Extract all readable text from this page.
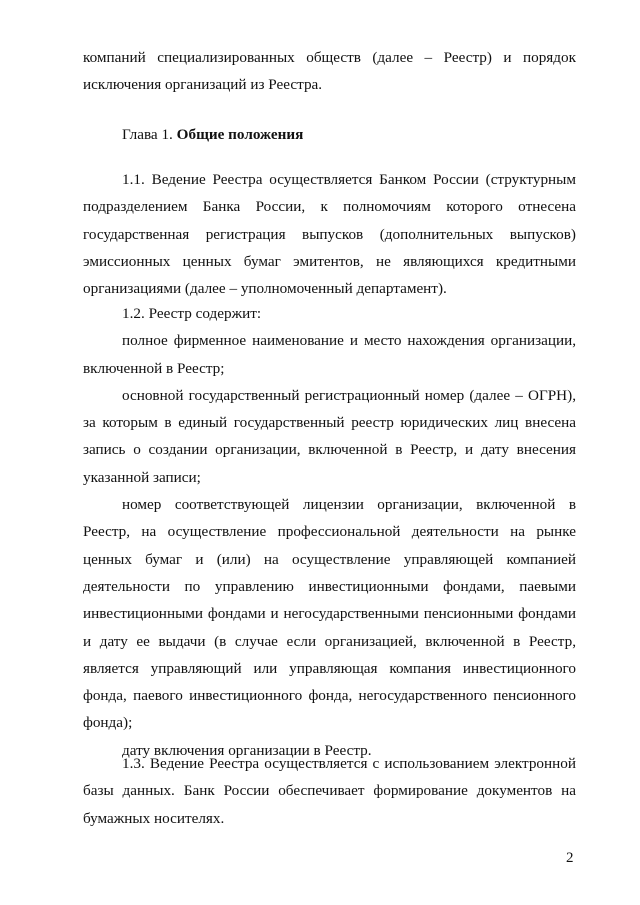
компаний специализированных обществ (далее – Реестр) и порядок
исключения организаций из Реестра.
Глава 1. Общие положения
1.1. Ведение Реестра осуществляется Банком России (структурным
подразделением Банка России, к полномочиям которого отнесена
государственная регистрация выпусков (дополнительных выпусков)
эмиссионных ценных бумаг эмитентов, не являющихся кредитными
организациями (далее – уполномоченный департамент).
1.2. Реестр содержит:
полное фирменное наименование и место нахождения организации,
включенной в Реестр;
основной государственный регистрационный номер (далее – ОГРН),
за которым в единый государственный реестр юридических лиц внесена
запись о создании организации, включенной в Реестр, и дату внесения
указанной записи;
номер соответствующей лицензии организации, включенной в
Реестр, на осуществление профессиональной деятельности на рынке
ценных бумаг и (или) на осуществление управляющей компанией
деятельности по управлению инвестиционными фондами, паевыми
инвестиционными фондами и негосударственными пенсионными фондами
и дату ее выдачи (в случае если организацией, включенной в Реестр,
является управляющий или управляющая компания инвестиционного
фонда, паевого инвестиционного фонда, негосударственного пенсионного
фонда);
дату включения организации в Реестр.
1.3. Ведение Реестра осуществляется с использованием электронной
базы данных. Банк России обеспечивает формирование документов на
бумажных носителях.
2
